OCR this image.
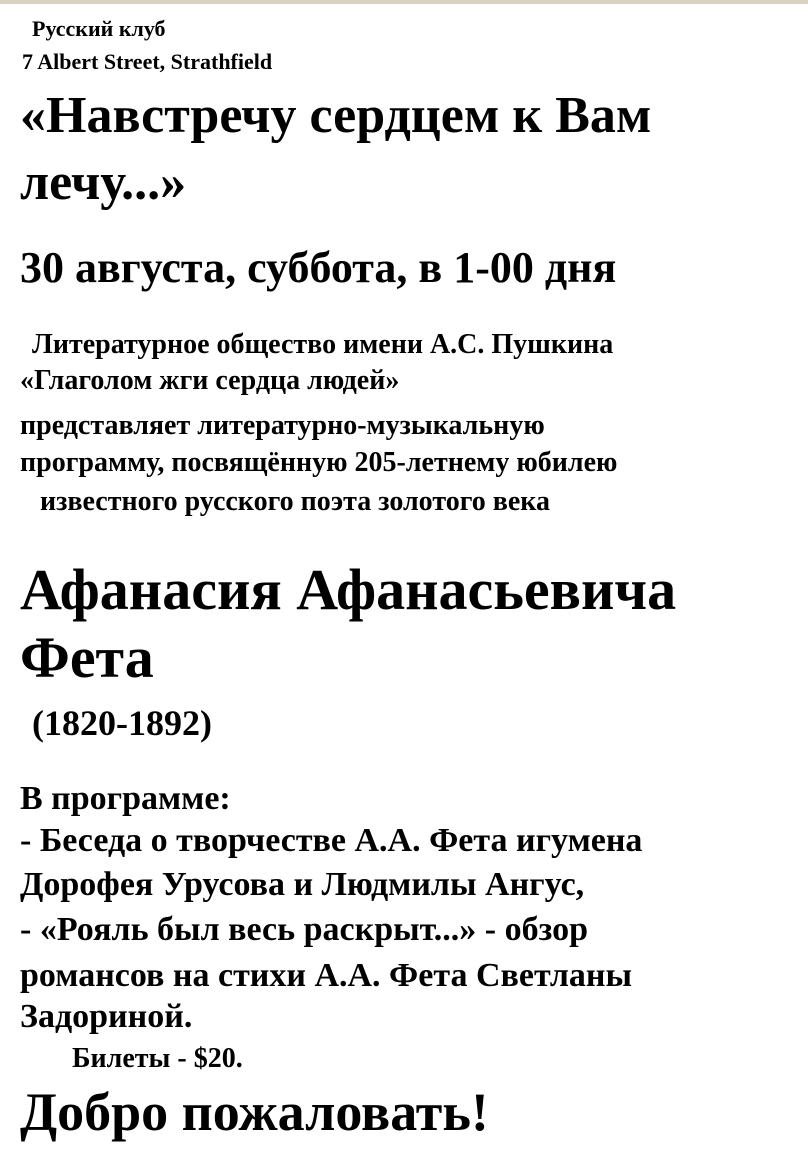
Русский клуб
7 Albert Street, Strathfield
«Навстречу сердцем к Вам
лечу...»
30 августа, суббота, в 1-00 дня
Литературное общество имени А.С. Пушкина
«Глаголом жги сердца людей»
представляет литературно-музыкальную
программу, посвящённую 205-летнему юбилею
известного русского поэта золотого века
Афанасия Афанасьевича
Фета
(1820-1892)
В программе:
- Беседа о творчестве А.А. Фета игумена
Дорофея Урусова и Людмилы Ангус,
- «Рояль был весь раскрыт...» - обзор
романсов на стихи А.А. Фета Светланы
Задориной.
Билеты - $20.
Добро пожаловать!
